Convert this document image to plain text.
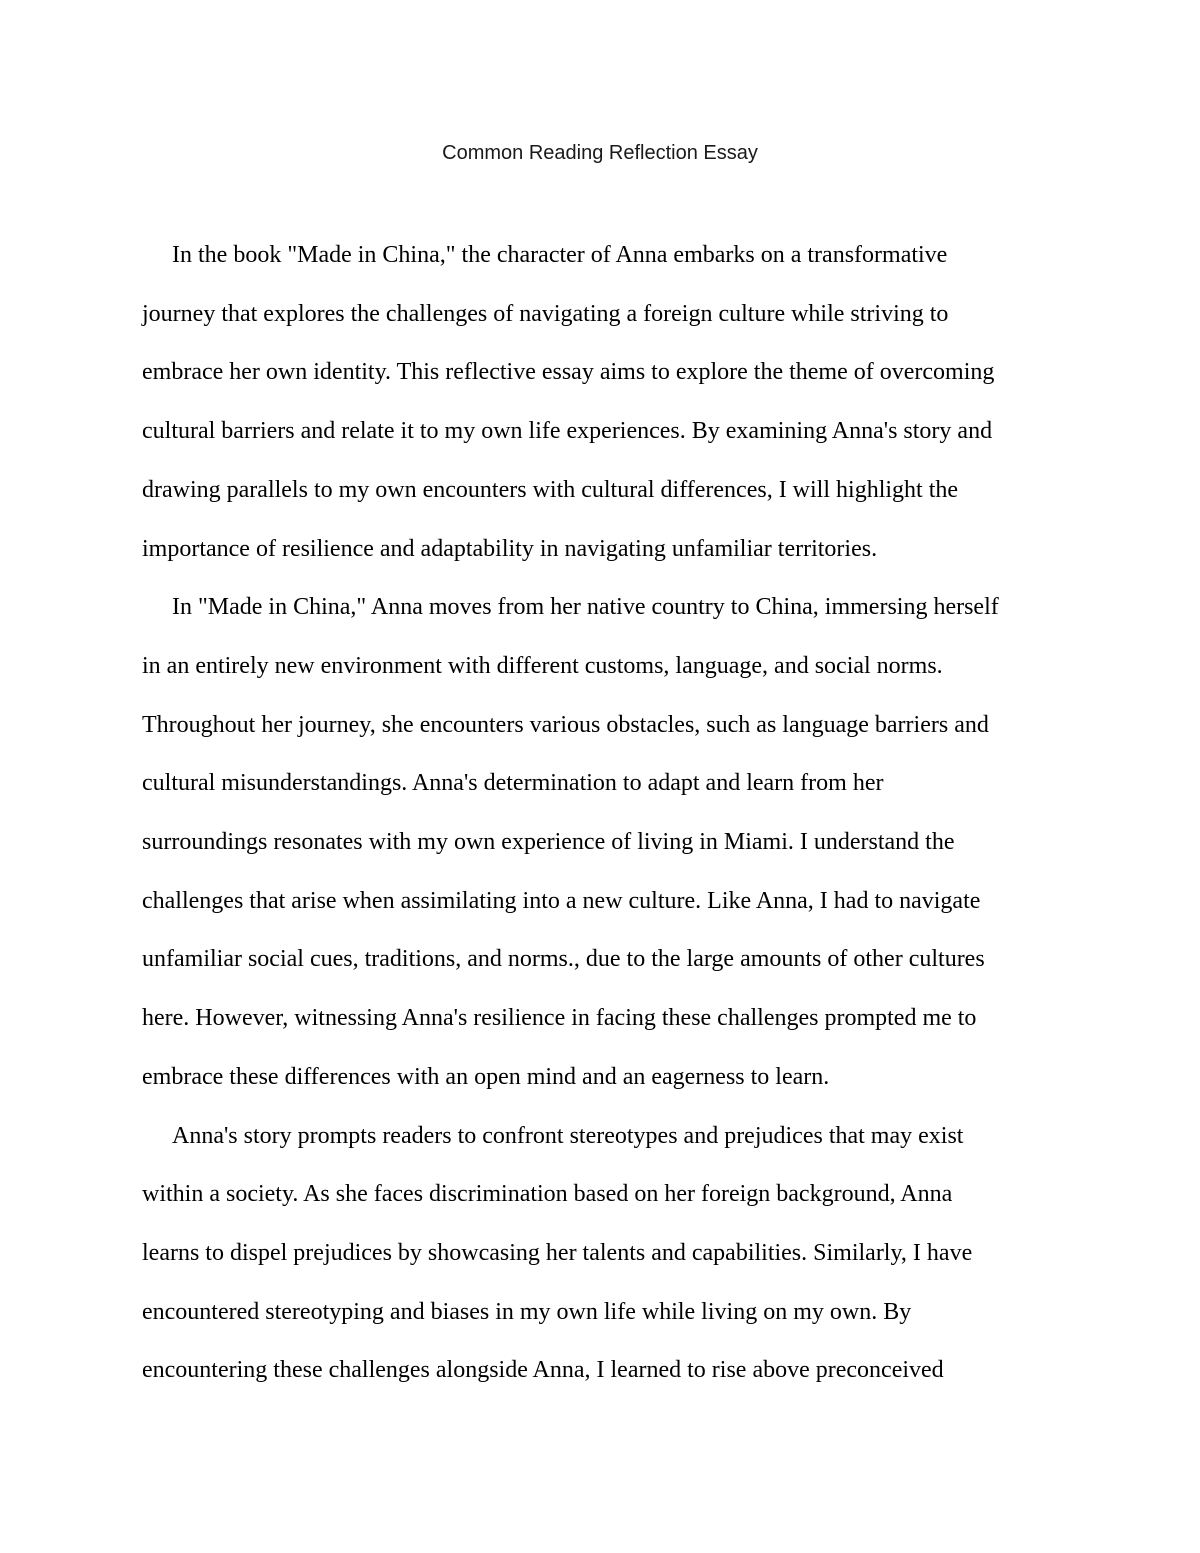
Common Reading Reflection Essay
In the book "Made in China," the character of Anna embarks on a transformative
journey that explores the challenges of navigating a foreign culture while striving to
embrace her own identity. This reflective essay aims to explore the theme of overcoming
cultural barriers and relate it to my own life experiences. By examining Anna's story and
drawing parallels to my own encounters with cultural differences, I will highlight the
importance of resilience and adaptability in navigating unfamiliar territories.
In "Made in China," Anna moves from her native country to China, immersing herself
in an entirely new environment with different customs, language, and social norms.
Throughout her journey, she encounters various obstacles, such as language barriers and
cultural misunderstandings. Anna's determination to adapt and learn from her
surroundings resonates with my own experience of living in Miami. I understand the
challenges that arise when assimilating into a new culture. Like Anna, I had to navigate
unfamiliar social cues, traditions, and norms., due to the large amounts of other cultures
here. However, witnessing Anna's resilience in facing these challenges prompted me to
embrace these differences with an open mind and an eagerness to learn.
Anna's story prompts readers to confront stereotypes and prejudices that may exist
within a society. As she faces discrimination based on her foreign background, Anna
learns to dispel prejudices by showcasing her talents and capabilities. Similarly, I have
encountered stereotyping and biases in my own life while living on my own. By
encountering these challenges alongside Anna, I learned to rise above preconceived
